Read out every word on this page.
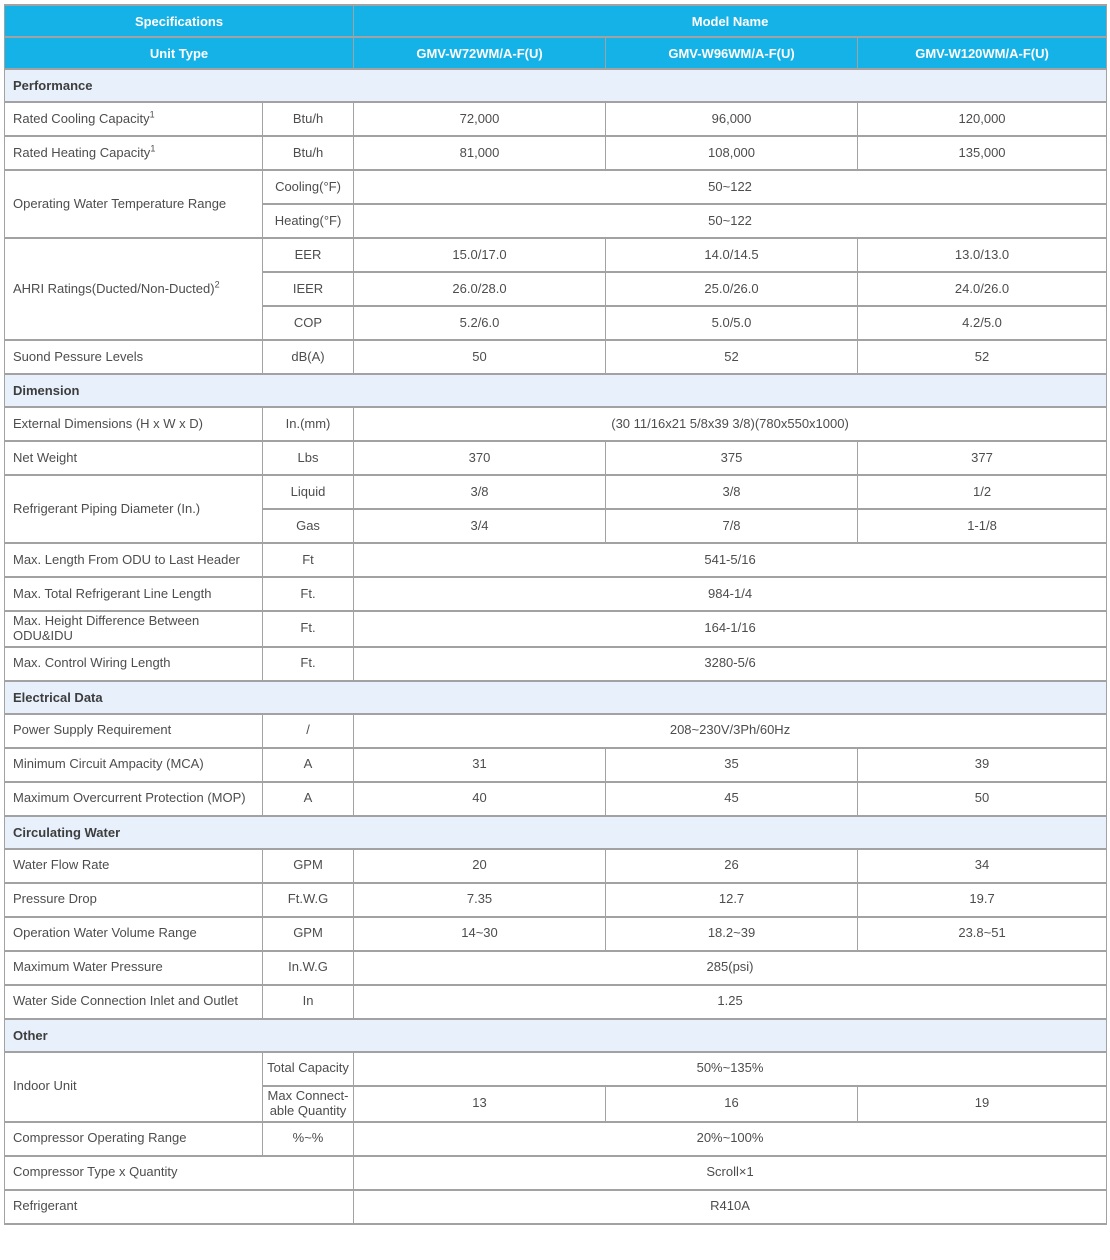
Specifications		Model Name		
Unit Type		GMV-W72WM/A-F(U)	GMV-W96WM/A-F(U)	GMV-W120WM/A-F(U)
Performance				
Rated Cooling Capacity$^1$	Btu/h	72,000	96,000	120,000
Rated Heating Capacity$^1$	Btu/h	81,000	108,000	135,000
Operating Water Temperature Range	Cooling(°F)	50~122		
	Heating(°F)	50~122		
AHRI Ratings(Ducted/Non-Ducted)$^2$	EER	15.0/17.0	14.0/14.5	13.0/13.0
	IEER	26.0/28.0	25.0/26.0	24.0/26.0
	COP	5.2/6.0	5.0/5.0	4.2/5.0
Suond Pessure Levels	dB(A)	50	52	52
Dimension				
External Dimensions (H x W x D)	In.(mm)	(30 11/16x21 5/8x39 3/8)(780x550x1000)		
Net Weight	Lbs	370	375	377
Refrigerant Piping Diameter (In.)	Liquid	3/8	3/8	1/2
	Gas	3/4	7/8	1-1/8
Max. Length From ODU to Last Header	Ft	541-5/16		
Max. Total Refrigerant Line Length	Ft.	984-1/4		
Max. Height Difference Between ODU&IDU	Ft.	164-1/16		
Max. Control Wiring Length	Ft.	3280-5/6		
Electrical Data				
Power Supply Requirement	/	208~230V/3Ph/60Hz		
Minimum Circuit Ampacity (MCA)	A	31	35	39
Maximum Overcurrent Protection (MOP)	A	40	45	50
Circulating Water				
Water Flow Rate	GPM	20	26	34
Pressure Drop	Ft.W.G	7.35	12.7	19.7
Operation Water Volume Range	GPM	14~30	18.2~39	23.8~51
Maximum Water Pressure	In.W.G	285(psi)		
Water Side Connection Inlet and Outlet	In	1.25		
Other				
Indoor Unit	Total Capacity	50%~135%		
	Max Connect-able Quantity	13	16	19
Compressor Operating Range	%~%	20%~100%		
Compressor Type x Quantity		Scroll×1		
Refrigerant		R410A		
